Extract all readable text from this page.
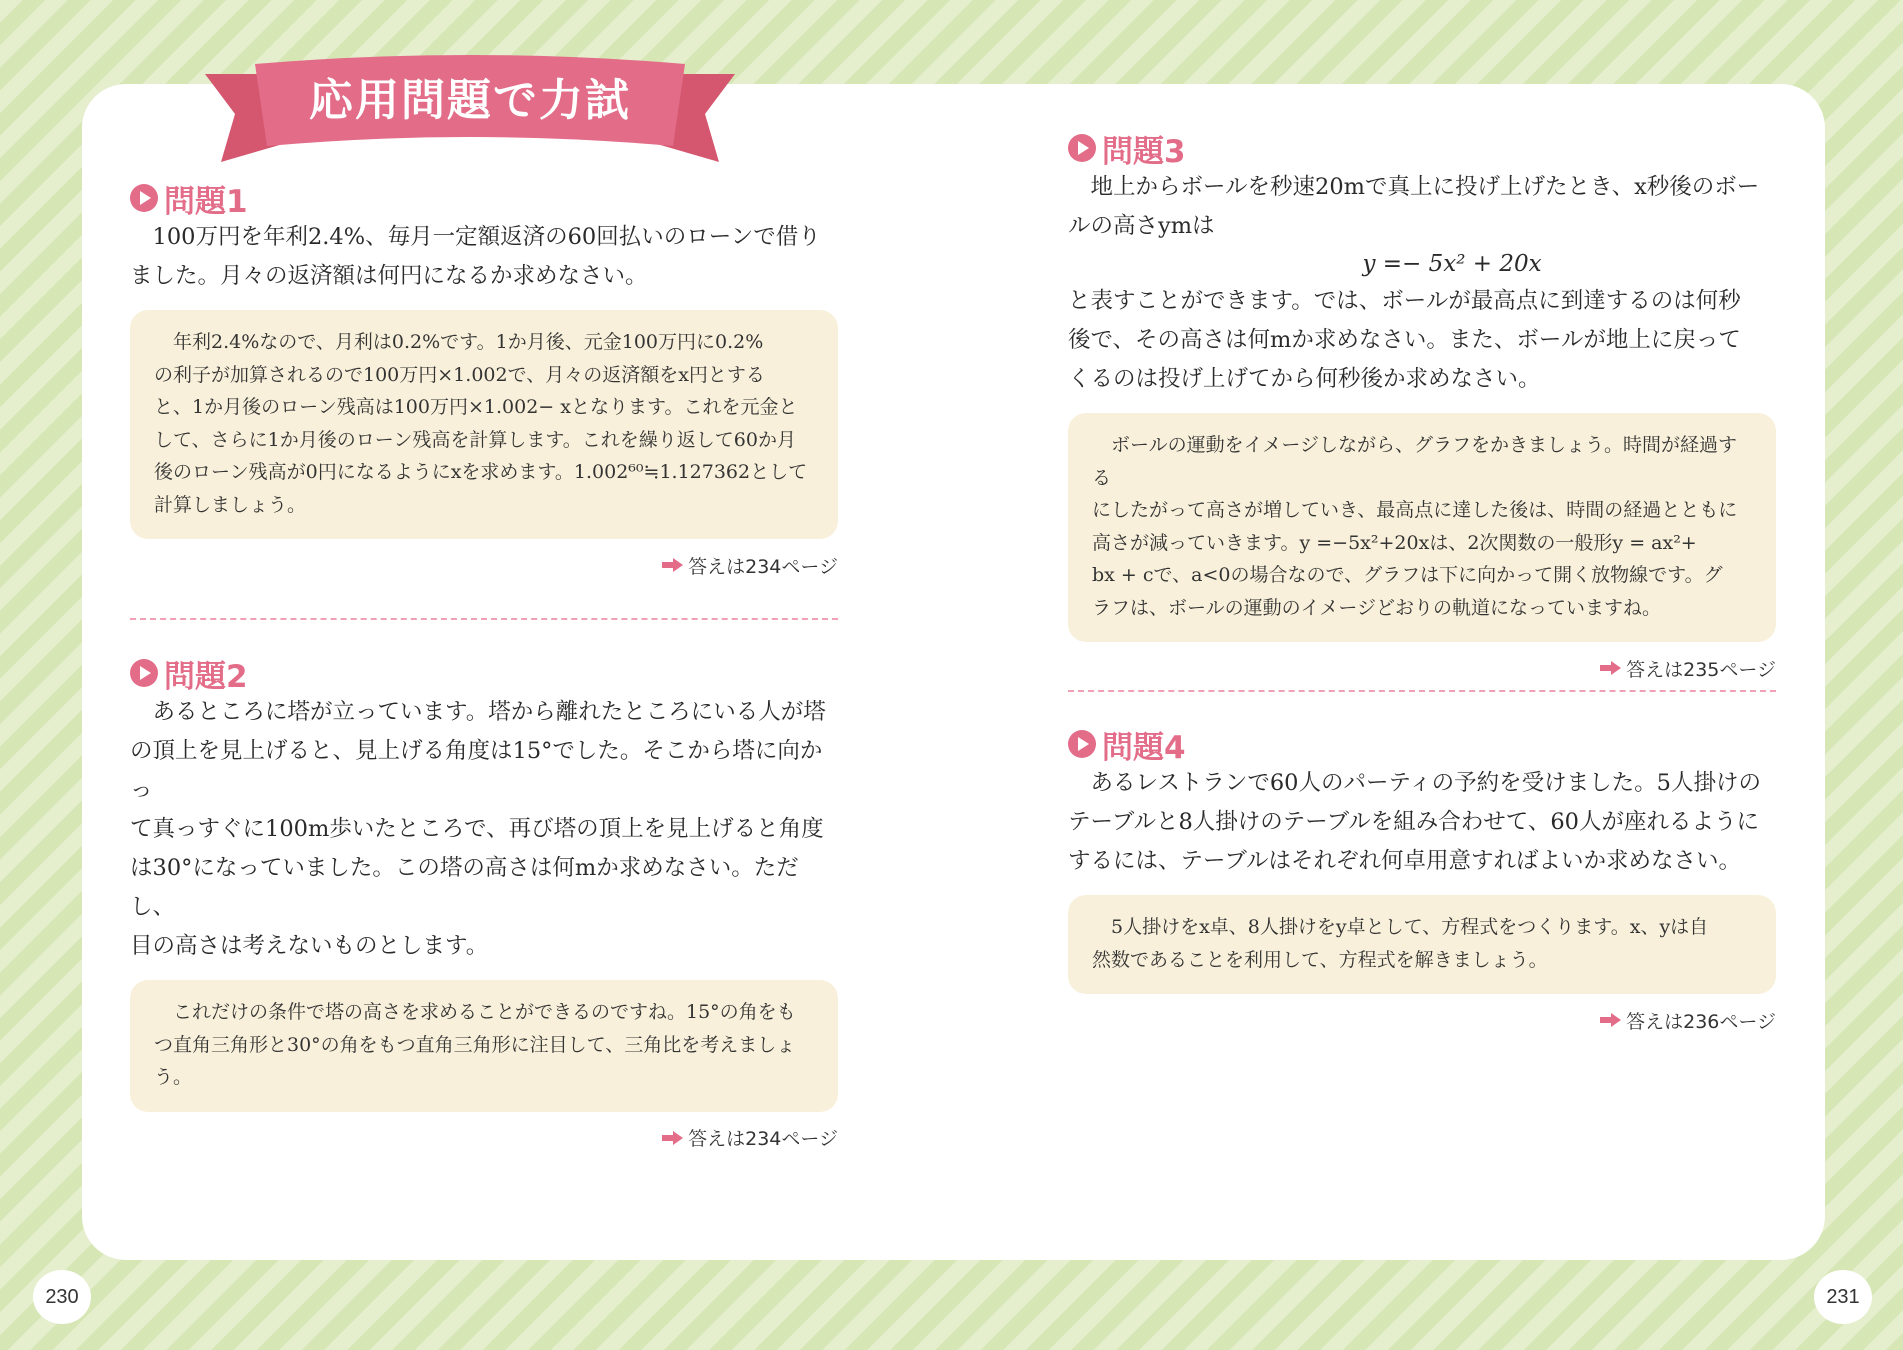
応用問題で力試し
問題1

100万円を年利2.4%、毎月一定額返済の60回払いのローンで借り
ました。月々の返済額は何円になるか求めなさい。

年利2.4%なので、月利は0.2%です。1か月後、元金100万円に0.2%
の利子が加算されるので100万円×1.002で、月々の返済額をx円とする
と、1か月後のローン残高は100万円×1.002− xとなります。これを元金と
して、さらに1か月後のローン残高を計算します。これを繰り返して60か月
後のローン残高が0円になるようにxを求めます。1.002⁶⁰≒1.127362として
計算しましょう。
答えは234ページ
問題2

あるところに塔が立っています。塔から離れたところにいる人が塔
の頂上を見上げると、見上げる角度は15°でした。そこから塔に向かっ
て真っすぐに100m歩いたところで、再び塔の頂上を見上げると角度
は30°になっていました。この塔の高さは何mか求めなさい。ただし、
目の高さは考えないものとします。

これだけの条件で塔の高さを求めることができるのですね。15°の角をも
つ直角三角形と30°の角をもつ直角三角形に注目して、三角比を考えましょ
う。
答えは234ページ
問題3

地上からボールを秒速20mで真上に投げ上げたとき、x秒後のボー
ルの高さymは

y =− 5x² + 20x

と表すことができます。では、ボールが最高点に到達するのは何秒
後で、その高さは何mか求めなさい。また、ボールが地上に戻って
くるのは投げ上げてから何秒後か求めなさい。

ボールの運動をイメージしながら、グラフをかきましょう。時間が経過する
にしたがって高さが増していき、最高点に達した後は、時間の経過とともに
高さが減っていきます。y =−5x²+20xは、2次関数の一般形y = ax²+
bx + cで、a<0の場合なので、グラフは下に向かって開く放物線です。グ
ラフは、ボールの運動のイメージどおりの軌道になっていますね。
答えは235ページ
問題4

あるレストランで60人のパーティの予約を受けました。5人掛けの
テーブルと8人掛けのテーブルを組み合わせて、60人が座れるように
するには、テーブルはそれぞれ何卓用意すればよいか求めなさい。

5人掛けをx卓、8人掛けをy卓として、方程式をつくります。x、yは自
然数であることを利用して、方程式を解きましょう。
答えは236ページ
230	231
